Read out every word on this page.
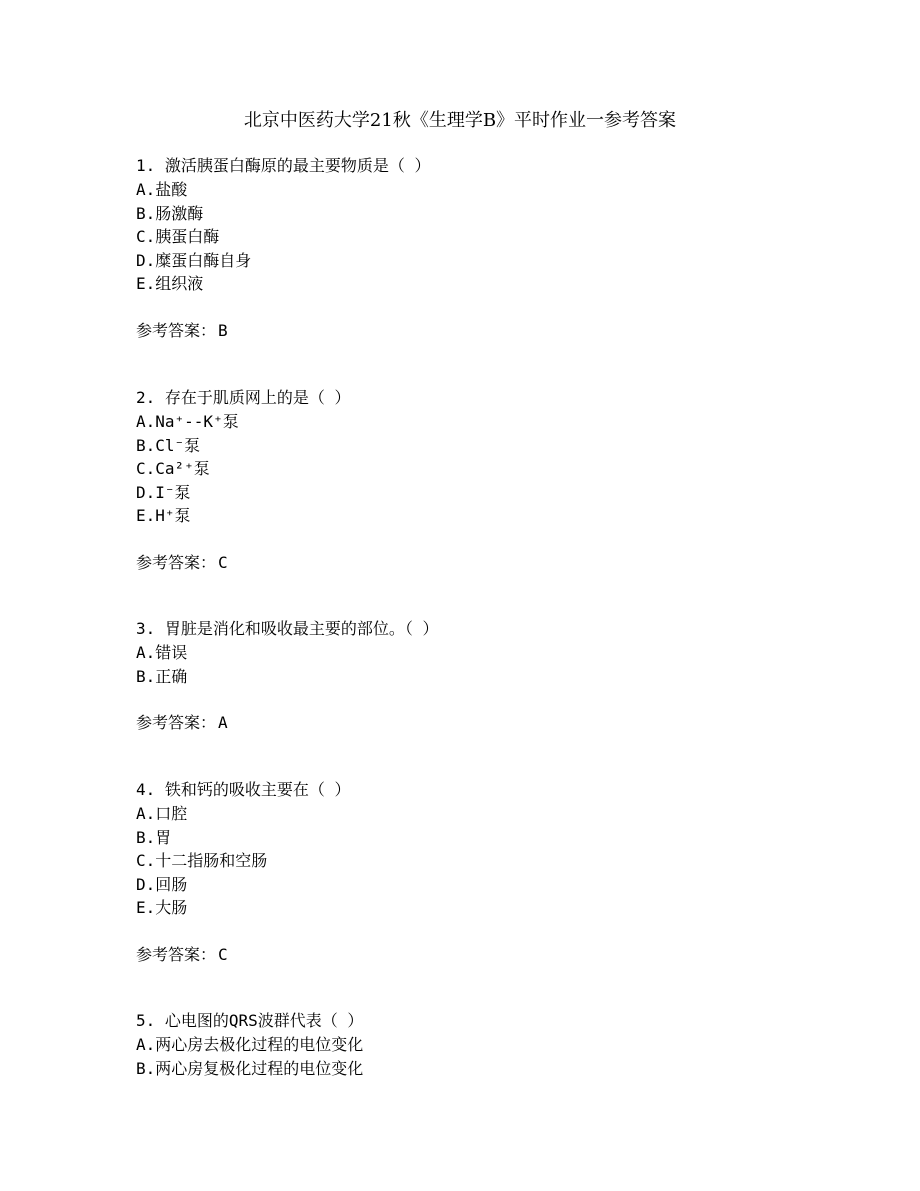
北京中医药大学21秋《生理学B》平时作业一参考答案
1. 激活胰蛋白酶原的最主要物质是（ ）
A.盐酸
B.肠激酶
C.胰蛋白酶
D.糜蛋白酶自身
E.组织液
参考答案： B
2. 存在于肌质网上的是（ ）
A.Na⁺--K⁺泵
B.Cl⁻泵
C.Ca²⁺泵
D.I⁻泵
E.H⁺泵
参考答案： C
3. 胃脏是消化和吸收最主要的部位。（ ）
A.错误
B.正确
参考答案： A
4. 铁和钙的吸收主要在（ ）
A.口腔
B.胃
C.十二指肠和空肠
D.回肠
E.大肠
参考答案： C
5. 心电图的QRS波群代表（ ）
A.两心房去极化过程的电位变化
B.两心房复极化过程的电位变化
